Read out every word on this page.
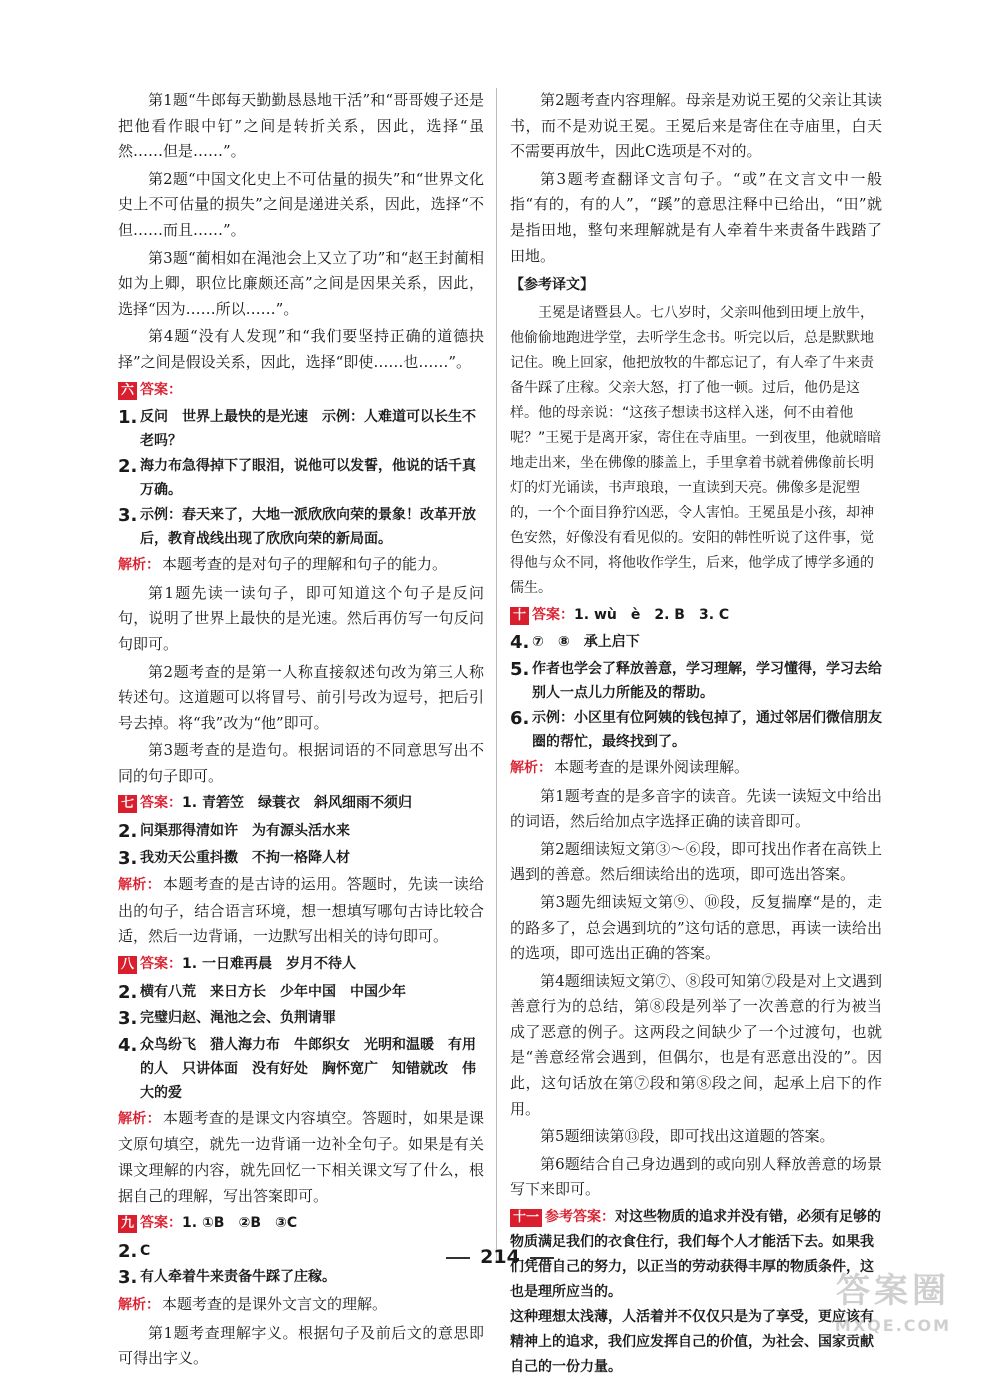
第1题“牛郎每天勤勤恳恳地干活”和“哥哥嫂子还是把他看作眼中钉”之间是转折关系，因此，选择“虽然……但是……”。

第2题“中国文化史上不可估量的损失”和“世界文化史上不可估量的损失”之间是递进关系，因此，选择“不但……而且……”。

第3题“蔺相如在渑池会上又立了功”和“赵王封蔺相如为上卿，职位比廉颇还高”之间是因果关系，因此，选择“因为……所以……”。

第4题“没有人发现”和“我们要坚持正确的道德抉择”之间是假设关系，因此，选择“即使……也……”。

六 答案：
1. 反问　世界上最快的是光速　示例：人难道可以长生不老吗？
2. 海力布急得掉下了眼泪，说他可以发誓，他说的话千真万确。
3. 示例：春天来了，大地一派欣欣向荣的景象！改革开放后，教育战线出现了欣欣向荣的新局面。

解析： 本题考查的是对句子的理解和句子的能力。

第1题先读一读句子，即可知道这个句子是反问句，说明了世界上最快的是光速。然后再仿写一句反问句即可。

第2题考查的是第一人称直接叙述句改为第三人称转述句。这道题可以将冒号、前引号改为逗号，把后引号去掉。将“我”改为“他”即可。

第3题考查的是造句。根据词语的不同意思写出不同的句子即可。

七 答案： 1. 青箬笠　绿蓑衣　斜风细雨不须归
2. 问渠那得清如许　为有源头活水来
3. 我劝天公重抖擞　不拘一格降人材

解析： 本题考查的是古诗的运用。答题时，先读一读给出的句子，结合语言环境，想一想填写哪句古诗比较合适，然后一边背诵，一边默写出相关的诗句即可。

八 答案： 1. 一日难再晨　岁月不待人
2. 横有八荒　来日方长　少年中国　中国少年
3. 完璧归赵、渑池之会、负荆请罪
4. 众鸟纷飞　猎人海力布　牛郎织女　光明和温暖　有用的人　只讲体面　没有好处　胸怀宽广　知错就改　伟大的爱

解析： 本题考查的是课文内容填空。答题时，如果是课文原句填空，就先一边背诵一边补全句子。如果是有关课文理解的内容，就先回忆一下相关课文写了什么，根据自己的理解，写出答案即可。

九 答案： 1. ①B　②B　③C
2. C
3. 有人牵着牛来责备牛踩了庄稼。

解析： 本题考查的是课外文言文的理解。

第1题考查理解字义。根据句子及前后文的意思即可得出字义。

第2题考查内容理解。母亲是劝说王冕的父亲让其读书，而不是劝说王冕。王冕后来是寄住在寺庙里，白天不需要再放牛，因此C选项是不对的。

第3题考查翻译文言句子。“或”在文言文中一般指“有的，有的人”，“蹊”的意思注释中已给出，“田”就是指田地，整句来理解就是有人牵着牛来责备牛践踏了田地。

【参考译文】

王冕是诸暨县人。七八岁时，父亲叫他到田埂上放牛，他偷偷地跑进学堂，去听学生念书。听完以后，总是默默地记住。晚上回家，他把放牧的牛都忘记了，有人牵了牛来责备牛踩了庄稼。父亲大怒，打了他一顿。过后，他仍是这样。他的母亲说：“这孩子想读书这样入迷，何不由着他呢？”王冕于是离开家，寄住在寺庙里。一到夜里，他就暗暗地走出来，坐在佛像的膝盖上，手里拿着书就着佛像前长明灯的灯光诵读，书声琅琅，一直读到天亮。佛像多是泥塑的，一个个面目狰狞凶恶，令人害怕。王冕虽是小孩，却神色安然，好像没有看见似的。安阳的韩性听说了这件事，觉得他与众不同，将他收作学生，后来，他学成了博学多通的儒生。

十 答案： 1. wù　è　2. B　3. C
4. ⑦　⑧　承上启下
5. 作者也学会了释放善意，学习理解，学习懂得，学习去给别人一点儿力所能及的帮助。
6. 示例：小区里有位阿姨的钱包掉了，通过邻居们微信朋友圈的帮忙，最终找到了。

解析： 本题考查的是课外阅读理解。

第1题考查的是多音字的读音。先读一读短文中给出的词语，然后给加点字选择正确的读音即可。

第2题细读短文第③～⑥段，即可找出作者在高铁上遇到的善意。然后细读给出的选项，即可选出答案。

第3题先细读短文第⑨、⑩段，反复揣摩“是的，走的路多了，总会遇到坑的”这句话的意思，再读一读给出的选项，即可选出正确的答案。

第4题细读短文第⑦、⑧段可知第⑦段是对上文遇到善意行为的总结，第⑧段是列举了一次善意的行为被当成了恶意的例子。这两段之间缺少了一个过渡句，也就是“善意经常会遇到，但偶尔，也是有恶意出没的”。因此，这句话放在第⑦段和第⑧段之间，起承上启下的作用。

第5题细读第⑬段，即可找出这道题的答案。

第6题结合自己身边遇到的或向别人释放善意的场景写下来即可。

十一 参考答案：对这些物质的追求并没有错，必须有足够的物质满足我们的衣食住行，我们每个人才能活下去。如果我们凭借自己的努力，以正当的劳动获得丰厚的物质条件，这也是理所应当的。

这种理想太浅薄，人活着并不仅仅只是为了享受，更应该有精神上的追求，我们应发挥自己的价值，为社会、国家贡献自己的一份力量。

214
答案圈
MXQE.COM
